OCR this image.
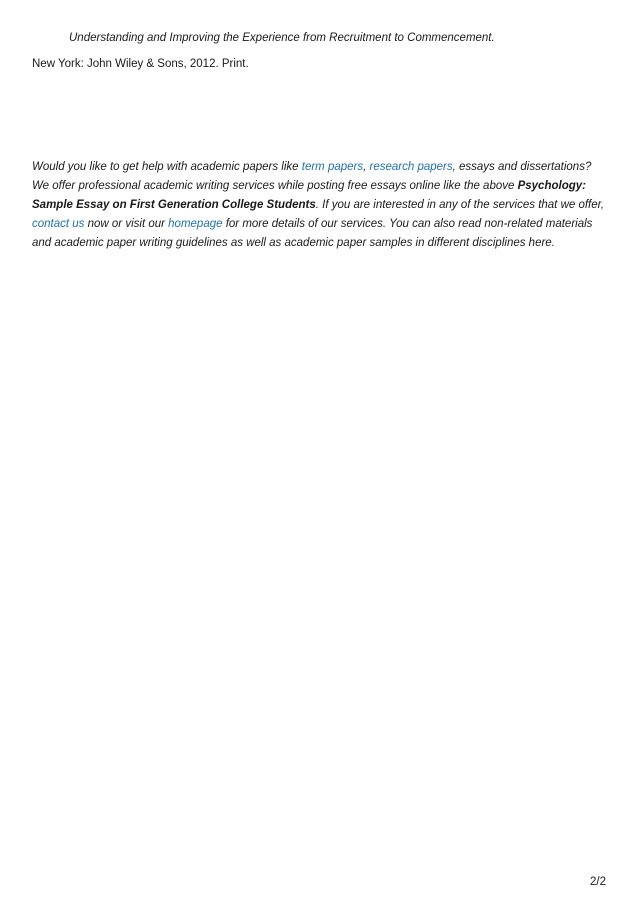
Understanding and Improving the Experience from Recruitment to Commencement.
New York: John Wiley & Sons, 2012. Print.

Would you like to get help with academic papers like term papers, research papers, essays and dissertations? We offer professional academic writing services while posting free essays online like the above Psychology: Sample Essay on First Generation College Students. If you are interested in any of the services that we offer, contact us now or visit our homepage for more details of our services. You can also read non-related materials and academic paper writing guidelines as well as academic paper samples in different disciplines here.

2/2
